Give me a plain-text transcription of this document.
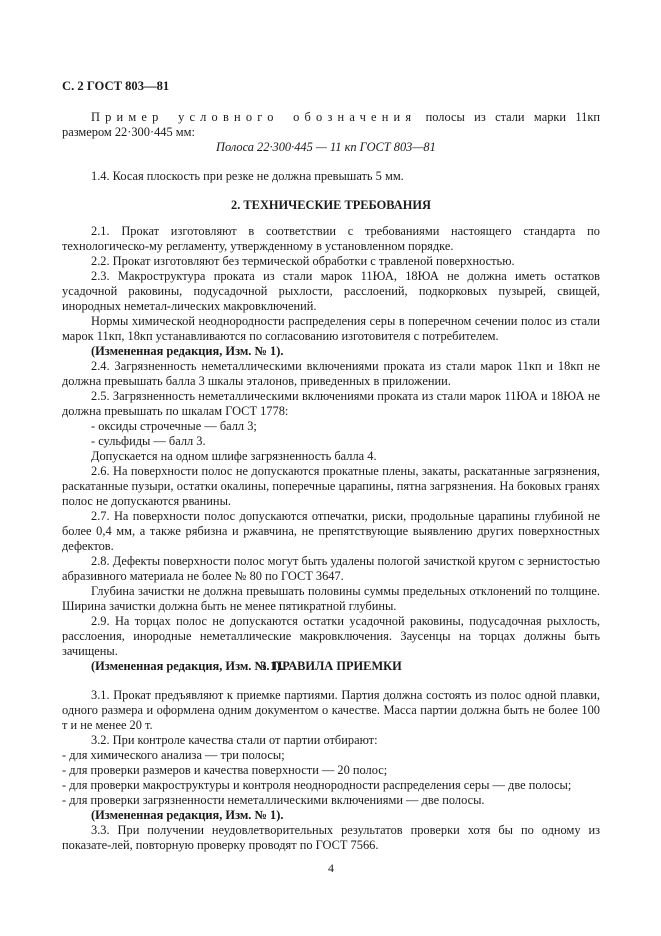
С. 2 ГОСТ 803—81

Пример условного обозначения полосы из стали марки 11кп размером 22·300·445 мм:

Полоса 22·300·445 — 11 кп ГОСТ 803—81

1.4. Косая плоскость при резке не должна превышать 5 мм.

2. ТЕХНИЧЕСКИЕ ТРЕБОВАНИЯ

2.1. Прокат изготовляют в соответствии с требованиями настоящего стандарта по технологическо-му регламенту, утвержденному в установленном порядке.

2.2. Прокат изготовляют без термической обработки с травленой поверхностью.

2.3. Макроструктура проката из стали марок 11ЮА, 18ЮА не должна иметь остатков усадочной раковины, подусадочной рыхлости, расслоений, подкорковых пузырей, свищей, инородных неметал-лических макровключений.

Нормы химической неоднородности распределения серы в поперечном сечении полос из стали марок 11кп, 18кп устанавливаются по согласованию изготовителя с потребителем.

(Измененная редакция, Изм. № 1).

2.4. Загрязненность неметаллическими включениями проката из стали марок 11кп и 18кп не должна превышать балла 3 шкалы эталонов, приведенных в приложении.

2.5. Загрязненность неметаллическими включениями проката из стали марок 11ЮА и 18ЮА не должна превышать по шкалам ГОСТ 1778:

- оксиды строчечные — балл 3;

- сульфиды — балл 3.

Допускается на одном шлифе загрязненность балла 4.

2.6. На поверхности полос не допускаются прокатные плены, закаты, раскатанные загрязнения, раскатанные пузыри, остатки окалины, поперечные царапины, пятна загрязнения. На боковых гранях полос не допускаются рванины.

2.7. На поверхности полос допускаются отпечатки, риски, продольные царапины глубиной не более 0,4 мм, а также рябизна и ржавчина, не препятствующие выявлению других поверхностных дефектов.

2.8. Дефекты поверхности полос могут быть удалены пологой зачисткой кругом с зернистостью абразивного материала не более № 80 по ГОСТ 3647.

Глубина зачистки не должна превышать половины суммы предельных отклонений по толщине. Ширина зачистки должна быть не менее пятикратной глубины.

2.9. На торцах полос не допускаются остатки усадочной раковины, подусадочная рыхлость, расслоения, инородные неметаллические макровключения. Заусенцы на торцах должны быть зачищены.

(Измененная редакция, Изм. № 1).

3. ПРАВИЛА ПРИЕМКИ

3.1. Прокат предъявляют к приемке партиями. Партия должна состоять из полос одной плавки, одного размера и оформлена одним документом о качестве. Масса партии должна быть не более 100 т и не менее 20 т.

3.2. При контроле качества стали от партии отбирают:

- для химического анализа — три полосы;

- для проверки размеров и качества поверхности — 20 полос;

- для проверки макроструктуры и контроля неоднородности распределения серы — две полосы;

- для проверки загрязненности неметаллическими включениями — две полосы.

(Измененная редакция, Изм. № 1).

3.3. При получении неудовлетворительных результатов проверки хотя бы по одному из показате-лей, повторную проверку проводят по ГОСТ 7566.

4
